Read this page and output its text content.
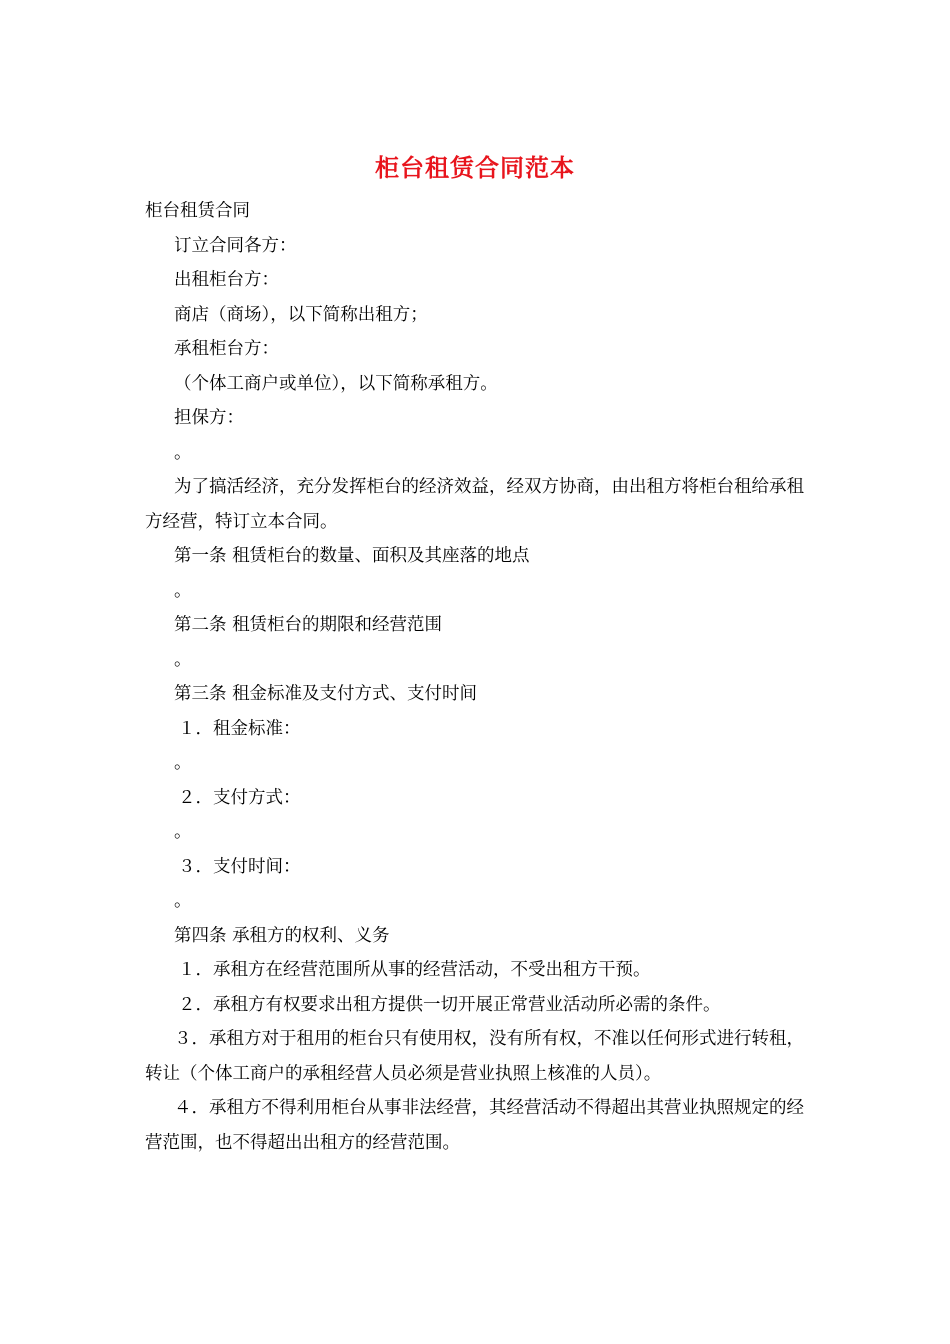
柜台租赁合同范本

柜台租赁合同

订立合同各方：

出租柜台方：

商店（商场），以下简称出租方；

承租柜台方：

（个体工商户或单位），以下简称承租方。

担保方：

。

为了搞活经济，充分发挥柜台的经济效益，经双方协商，由出租方将柜台租给承租方经营，特订立本合同。

第一条 租赁柜台的数量、面积及其座落的地点

。

第二条 租赁柜台的期限和经营范围

。

第三条 租金标准及支付方式、支付时间

１．租金标准：

。

２．支付方式：

。

３．支付时间：

。

第四条 承租方的权利、义务

１．承租方在经营范围所从事的经营活动，不受出租方干预。

２．承租方有权要求出租方提供一切开展正常营业活动所必需的条件。

３．承租方对于租用的柜台只有使用权，没有所有权，不准以任何形式进行转租，转让（个体工商户的承租经营人员必须是营业执照上核准的人员）。

４．承租方不得利用柜台从事非法经营，其经营活动不得超出其营业执照规定的经营范围，也不得超出出租方的经营范围。
